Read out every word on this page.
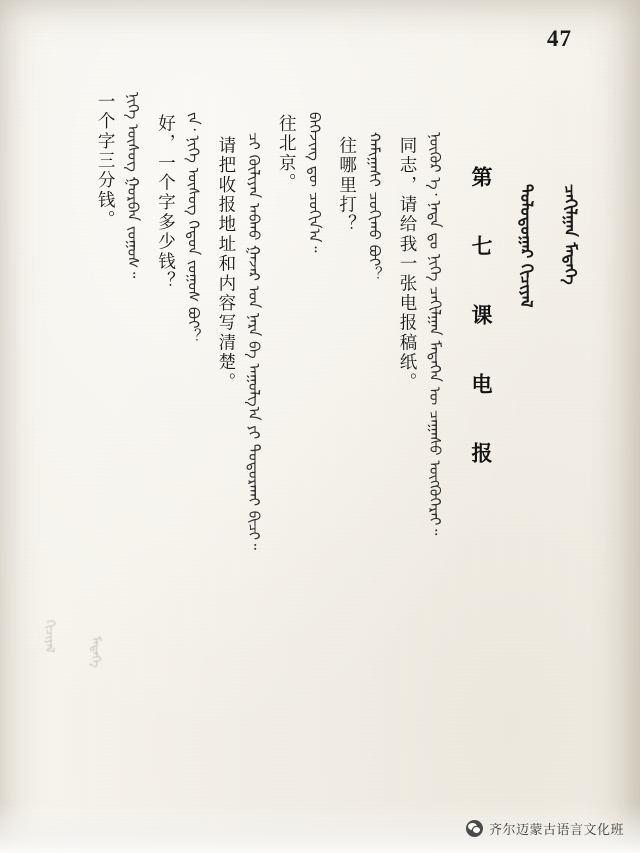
47
一个字三分钱。 ᠨᠢᠭᠡ ᠦᠰᠦᠭ ᠭᠤᠷᠪᠠᠨ ᠵᠣᠭᠤᠰ᠃ 好，一个字多少钱？ ᠵᠠ᠂ ᠨᠢᠭᠡ ᠦᠰᠦᠭ ᠬᠡᠳᠦᠨ ᠵᠣᠭᠤᠰ ᠪᠤᠢ︖ 请把收报地址和内容写清楚。 ᠴᠢ ᠬᠦᠯᠢᠶᠡᠨ ᠠᠪᠬᠤ ᠭᠠᠵᠠᠷ ᠤᠨ ᠨᠡᠷᠡ ᠪᠠ ᠠᠭᠤᠯᠭ᠎ᠠ ᠶᠢ ᠲᠣᠳᠣᠷᠬᠠᠢ ᠪᠢᠴᠢ᠃ 往北京。 ᠪᠡᠭᠡᠵᠢᠩ ᠳᠦ ᠴᠣᠬᠢᠨ᠎ᠠ᠃ 往哪里打？ ᠬᠠᠮᠢᠭᠠᠰᠢ ᠴᠣᠬᠢᠬᠤ ᠪᠤᠢ︖ 同志，请给我一张电报稿纸。 ᠨᠥᠬᠥᠷ ᠡ᠂ ᠨᠠᠳᠠ ᠳᠤ ᠨᠢᠭᠡ ᠴᠠᠬᠢᠯᠭᠠᠨ ᠮᠡᠳᠡᠭᠡᠨ ᠦ ᠴᠠᠭᠠᠰᠤ ᠥᠭᠭᠦᠭᠡᠷᠡᠢ᠃ 第 七 课 电 报	ᠳᠣᠯᠣᠳᠤᠭᠠᠷ ᠬᠢᠴᠢᠶᠡᠯ	ᠴᠠᠬᠢᠯᠭᠠᠨ ᠮᠡᠳᠡᠭᠡ
ᠬᠢᠴᠢᠶᠡᠯ	ᠮᠡᠳᠡᠭᠡ
齐尔迈蒙古语言文化班
